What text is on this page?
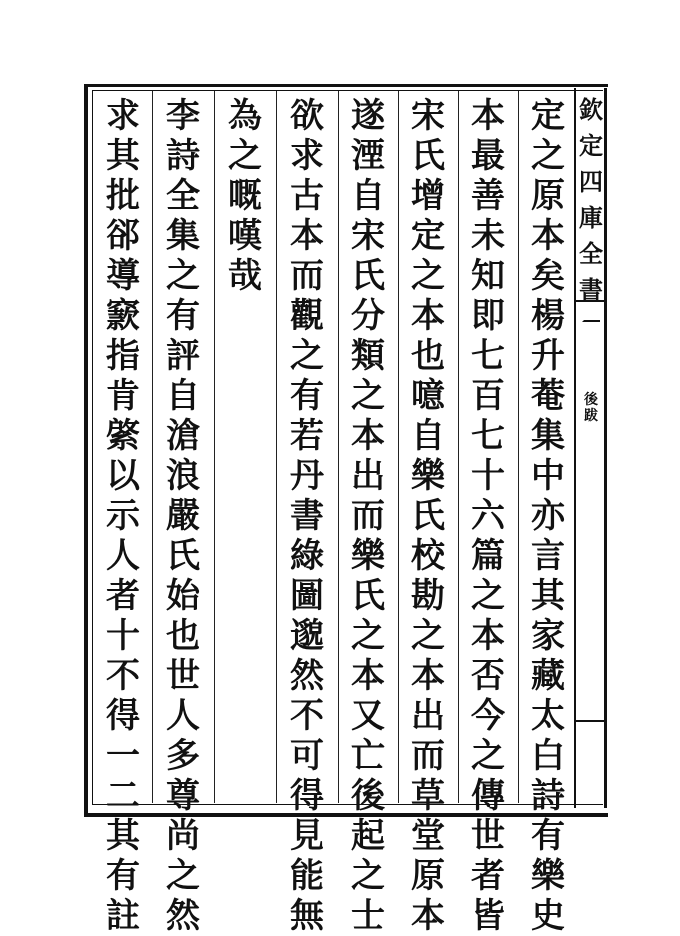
定
之
原
本
矣
楊
升
菴
集
中
亦
言
其
家
藏
太
白
詩
有
樂
史
本
最
善
未
知
即
七
百
七
十
六
篇
之
本
否
今
之
傳
世
者
皆
宋
氏
增
定
之
本
也
噫
自
樂
氏
校
勘
之
本
出
而
草
堂
原
本
遂
湮
自
宋
氏
分
類
之
本
出
而
樂
氏
之
本
又
亡
後
起
之
士
欲
求
古
本
而
觀
之
有
若
丹
書
綠
圖
邈
然
不
可
得
見
能
無
為
之
嘅
嘆
哉
李
詩
全
集
之
有
評
自
滄
浪
嚴
氏
始
也
世
人
多
尊
尚
之
然
求
其
批
郤
導
窾
指
肯
綮
以
示
人
者
十
不
得
一
二
其
有
註
欽
定
四
庫
全
書
後
跋
